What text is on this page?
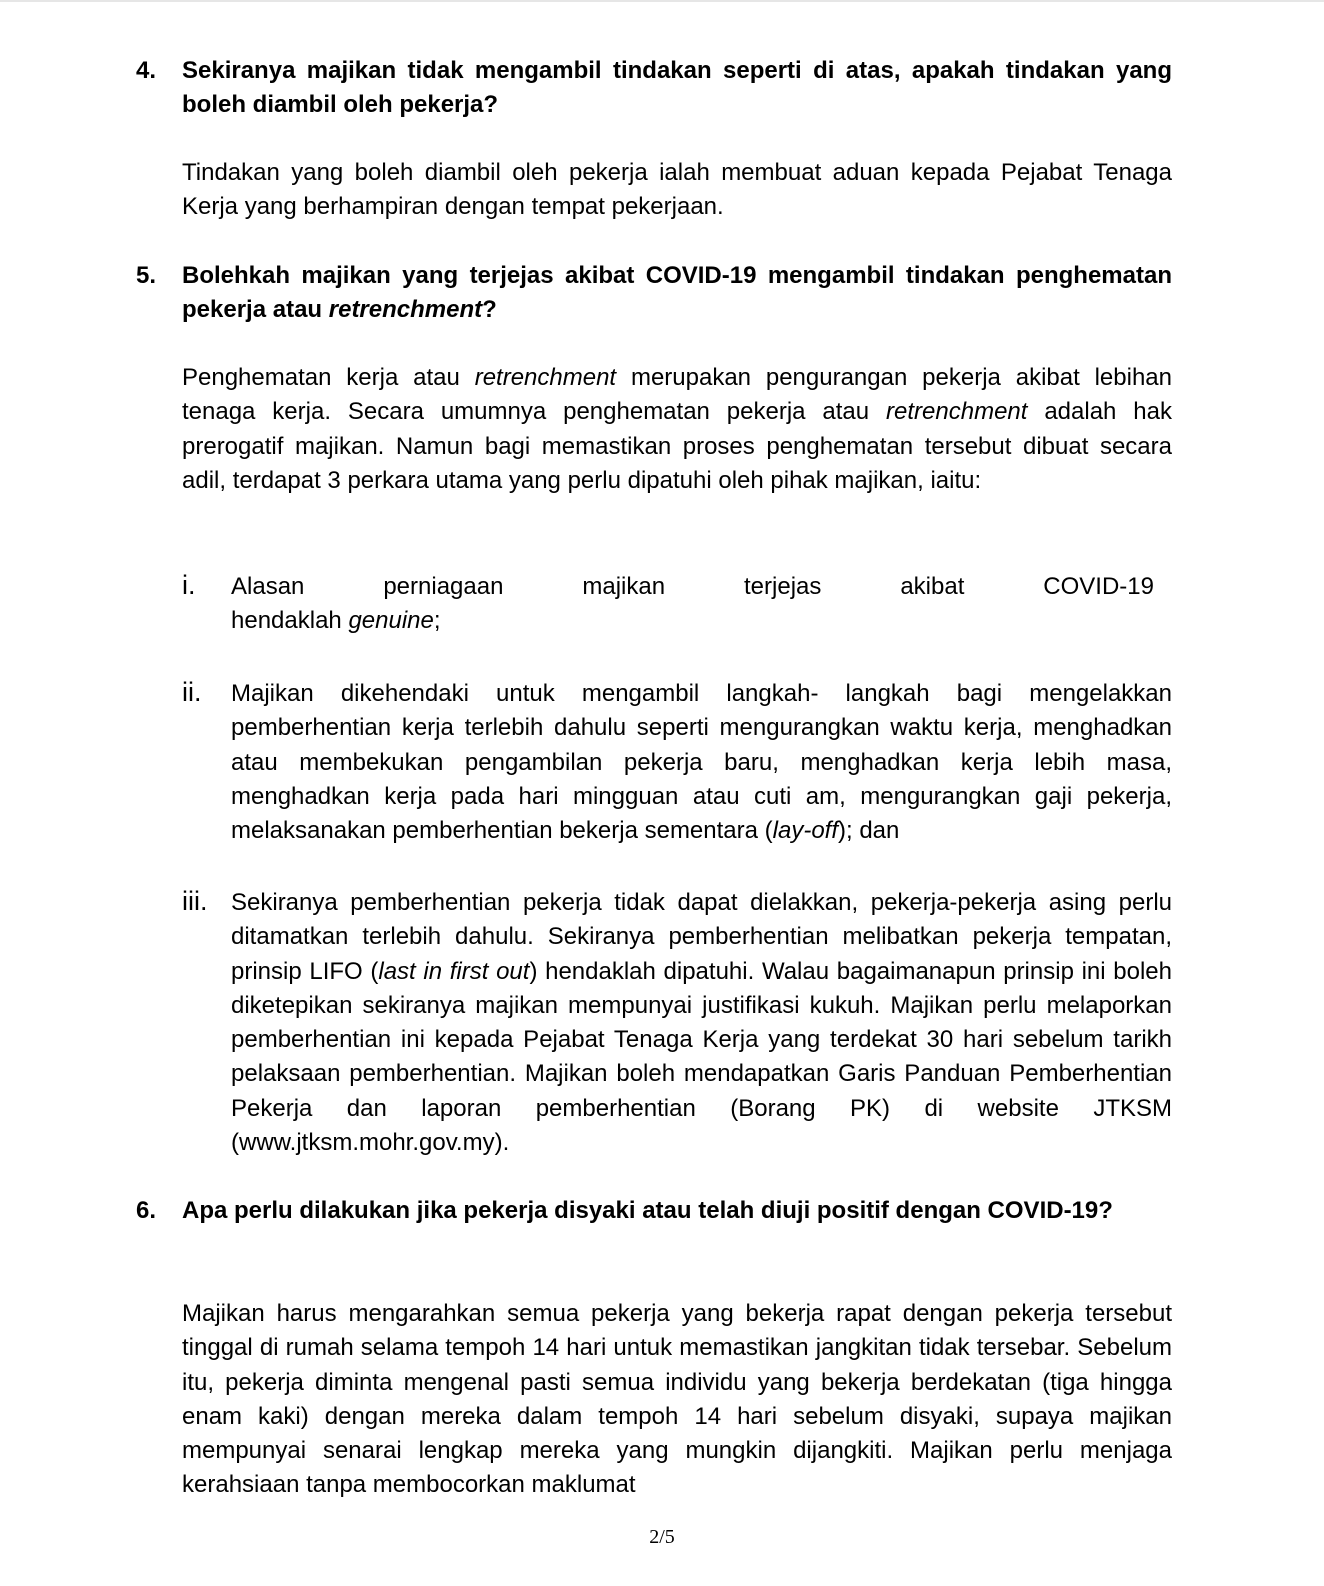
4. Sekiranya majikan tidak mengambil tindakan seperti di atas, apakah tindakan yang boleh diambil oleh pekerja?
Tindakan yang boleh diambil oleh pekerja ialah membuat aduan kepada Pejabat Tenaga Kerja yang berhampiran dengan tempat pekerjaan.
5. Bolehkah majikan yang terjejas akibat COVID-19 mengambil tindakan penghematan pekerja atau retrenchment?
Penghematan kerja atau retrenchment merupakan pengurangan pekerja akibat lebihan tenaga kerja. Secara umumnya penghematan pekerja atau retrenchment adalah hak prerogatif majikan. Namun bagi memastikan proses penghematan tersebut dibuat secara adil, terdapat 3 perkara utama yang perlu dipatuhi oleh pihak majikan, iaitu:
i. Alasan perniagaan majikan terjejas akibat COVID-19
hendaklah genuine;
ii. Majikan dikehendaki untuk mengambil langkah- langkah bagi mengelakkan pemberhentian kerja terlebih dahulu seperti mengurangkan waktu kerja, menghadkan atau membekukan pengambilan pekerja baru, menghadkan kerja lebih masa, menghadkan kerja pada hari mingguan atau cuti am, mengurangkan gaji pekerja, melaksanakan pemberhentian bekerja sementara (lay-off); dan
iii. Sekiranya pemberhentian pekerja tidak dapat dielakkan, pekerja-pekerja asing perlu ditamatkan terlebih dahulu. Sekiranya pemberhentian melibatkan pekerja tempatan, prinsip LIFO (last in first out) hendaklah dipatuhi. Walau bagaimanapun prinsip ini boleh diketepikan sekiranya majikan mempunyai justifikasi kukuh. Majikan perlu melaporkan pemberhentian ini kepada Pejabat Tenaga Kerja yang terdekat 30 hari sebelum tarikh pelaksaan pemberhentian. Majikan boleh mendapatkan Garis Panduan Pemberhentian Pekerja dan laporan pemberhentian (Borang PK) di website JTKSM (www.jtksm.mohr.gov.my).
6. Apa perlu dilakukan jika pekerja disyaki atau telah diuji positif dengan COVID-19?
Majikan harus mengarahkan semua pekerja yang bekerja rapat dengan pekerja tersebut tinggal di rumah selama tempoh 14 hari untuk memastikan jangkitan tidak tersebar. Sebelum itu, pekerja diminta mengenal pasti semua individu yang bekerja berdekatan (tiga hingga enam kaki) dengan mereka dalam tempoh 14 hari sebelum disyaki, supaya majikan mempunyai senarai lengkap mereka yang mungkin dijangkiti. Majikan perlu menjaga kerahsiaan tanpa membocorkan maklumat
2/5
